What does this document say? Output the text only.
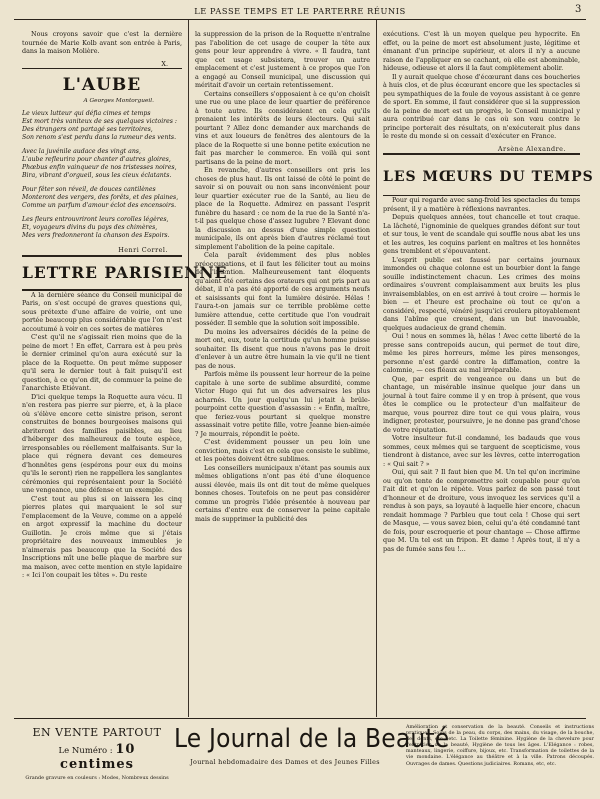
LE PASSE TEMPS ET LE PARTERRE RÉUNIS	3

Nous croyons savoir que c'est la dernière tournée de Marie Kolb avant son entrée à Paris, dans la maison Molière.

X.

L'AUBE
A Georges Montorgueil.

Le vieux lutteur qui défia cimes et temps

Est mort très vaniteux de ses quelques victoires :

Des étrangers ont partagé ses territoires,

Son renom s'est perdu dans la rumeur des vents.

Avec la juvénile audace des vingt ans,

L'aube refleurira pour chanter d'autres gloires,

Phœbus enfin vainqueur de nos tristesses noires,

Bira, vibrant d'orgueil, sous les cieux éclatants.

Pour fêter son réveil, de douces cantilènes

Monteront des vergers, des forêts, et des plaines,

Comme un parfum d'amour éclot des encensoirs.

Les fleurs entrouvriront leurs corolles légères,

Et, voyageurs divins du pays des chimères,

Mes vers fredonneront la chanson des Espoirs.

Henri Correl.

LETTRE PARISIENNE

A la dernière séance du Conseil municipal de Paris, on s'est occupé de graves questions qui, sous prétexte d'une affaire de voirie, ont une portée beaucoup plus considérable que l'on n'est accoutumé à voir en ces sortes de matières

C'est qu'il ne s'agissait rien moins que de la peine de mort ! En effet, Carrara est à peu près le dernier criminel qu'on aura exécuté sur la place de la Roquette. On peut même supposer qu'il sera le dernier tout à fait puisqu'il est question, à ce qu'on dit, de commuer la peine de l'anarchiste Etiévant.

D'ici quelque temps la Roquette aura vécu. Il n'en restera pas pierre sur pierre, et, à la place où s'élève encore cette sinistre prison, seront construites de bonnes bourgeoises maisons qui abriteront des familles paisibles, au lieu d'héberger des malheureux de toute espèce, irresponsables ou réellement malfaisants. Sur la place qui régnera devant ces demeures d'honnêtes gens (espérons pour eux du moins qu'ils le seront) rien ne rappellera les sanglantes cérémonies qui représentaient pour la Société une vengeance, une défense et un exemple.

C'est tout au plus si on laissera les cinq pierres plates qui marquaient le sol sur l'emplacement de la Veuve, comme on a appelé en argot expressif la machine du docteur Guillotin. Je crois même que si j'étais propriétaire des nouveaux immeubles je n'aimerais pas beaucoup que la Société des Inscriptions mît une belle plaque de marbre sur ma maison, avec cette mention en style lapidaire : « Ici l'on coupait les têtes ». Du reste

la suppression de la prison de la Roquette n'entraîne pas l'abolition de cet usage de couper la tête aux gens pour leur apprendre à vivre. « Il faudra, tant que cet usage subsistera, trouver un autre emplacement et c'est justement à ce propos que l'on a engagé au Conseil municipal, une discussion qui méritait d'avoir un certain retentissement.

Certains conseillers s'opposaient à ce qu'on choisît une rue ou une place de leur quartier de préférence à toute autre. Ils considéraient en cela qu'ils prenaient les intérêts de leurs électeurs. Qui sait pourtant ? Allez donc demander aux marchands de vins et aux loueurs de fenêtres des alentours de la place de la Roquette si une bonne petite exécution ne fait pas marcher le commerce. En voilà qui sont partisans de la peine de mort.

En revanche, d'autres conseillers ont pris les choses de plus haut. Ils ont laissé de côté le point de savoir si on pouvait ou non sans inconvénient pour leur quartier exécuter rue de la Santé, au lieu de place de la Roquette. Admirez en passant l'esprit funèbre du hasard : ce nom de la rue de la Santé n'a-t-il pas quelque chose d'assez lugubre ? Elevant donc la discussion au dessus d'une simple question municipale, ils ont après bien d'autres réclamé tout simplement l'abolition de la peine capitale.

Cela paraît évidemment des plus nobles préoccupations, et il faut les féliciter tout au moins de l'intention. Malheureusement tant éloquents qu'aient été certains des orateurs qui ont pris part au débat, il n'a pas été apporté de ces arguments neufs et saisissants qui font la lumière désirée. Hélas ! l'aura-t-on jamais sur ce terrible problème cette lumière attendue, cette certitude que l'on voudrait posséder. Il semble que la solution soit impossible.

Du moins les adversaires décidés de la peine de mort ont, eux, toute la certitude qu'un homme puisse souhaiter. Ils disent que nous n'avons pas le droit d'enlever à un autre être humain la vie qu'il ne tient pas de nous.

Parfois même ils poussent leur horreur de la peine capitale à une sorte de sublime absurdité, comme Victor Hugo qui fut un des adversaires les plus acharnés. Un jour quelqu'un lui jetait à brûle-pourpoint cette question d'assassin : « Enfin, maître, que feriez-vous pourtant si quelque monstre assassinait votre petite fille, votre Jeanne bien-aimée ? Je mourrais, répondit le poète.

C'est évidemment pousser un peu loin une conviction, mais c'est en cela que consiste le sublime, et les poètes doivent être sublimes.

Les conseillers municipaux n'étant pas soumis aux mêmes obligations n'ont pas été d'une éloquence aussi élevée, mais ils ont dit tout de même quelques bonnes choses. Toutefois on ne peut pas considérer comme un progrès l'idée présentée à nouveau par certains d'entre eux de conserver la peine capitale mais de supprimer la publicité des

exécutions. C'est là un moyen quelque peu hypocrite. En effet, ou la peine de mort est absolument juste, légitime et émanant d'un principe supérieur, et alors il n'y a aucune raison de l'appliquer en se cachant, où elle est abominable, hideuse, odieuse et alors il la faut complètement abolir.

Il y aurait quelque chose d'écœurant dans ces boucheries à huis clos, et de plus écœurant encore que les spectacles si peu sympathiques de la foule de voyous assistant à ce genre de sport. En somme, il faut considérer que si la suppression de la peine de mort est un progrès, le Conseil municipal y aura contribué car dans le cas où son vœu contre le principe porterait des résultats, on n'exécuterait plus dans le reste du monde si on cessait d'exécuter en France.

Arsène Alexandre.

LES MŒURS DU TEMPS

Pour qui regarde avec sang-froid les spectacles du temps présent, il y a matière à réflexions navrantes.

Depuis quelques années, tout chancelle et tout craque. La lâcheté, l'ignominie de quelques grandes défont sur tout et sur tous, le vent de scandale qui souffle nous abat les uns et les autres, les coquins parlent en maîtres et les honnêtes gens tremblent et s'épouvantent.

L'esprit public est faussé par certains journaux immondes où chaque colonne est un bourbier dont la fange souille indistinctement chacun. Les crimes des moins ordinaires s'ouvrent complaisamment aux bruits les plus invraisemblables, on en est arrivé à tout croire — hormis le bien — et l'heure est prochaine où tout ce qu'on a considéré, respecté, vénéré jusqu'ici croulera pitoyablement dans l'abîme que creusent, dans un but inavouable, quelques audacieux de grand chemin.

Oui ! nous en sommes là, hélas ! Avec cette liberté de la presse sans contrepoids aucun, qui permet de tout dire, même les pires horreurs, même les pires mensonges, personne n'est gardé contre la diffamation, contre la calomnie, — ces fléaux au mal irréparable.

Que, par esprit de vengeance ou dans un but de chantage, un misérable insinue quelque jour dans un journal à tout faire comme il y en trop à présent, que vous êtes le complice ou le protecteur d'un malfaiteur de marque, vous pourrez dire tout ce qui vous plaira, vous indigner, protester, poursuivre, je ne donne pas grand'chose de votre réputation.

Votre insulteur fut-il condamné, les badauds que vous sommes, ceux mêmes qui se targuent de scepticisme, vous tiendront à distance, avec sur les lèvres, cette interrogation : « Qui sait ? »

Oui, qui sait ? Il faut bien que M. Un tel qu'on incrimine ou qu'on tente de compromettre soit coupable pour qu'on l'ait dit et qu'on le répète. Vous parlez de son passé tout d'honneur et de droiture, vous invoquez les services qu'il a rendus à son pays, sa loyauté à laquelle hier encore, chacun rendait hommage ? Parbleu que tout cela ! Chose qui sert de Masque, — vous savez bien, celui qu'a été condamné tant de fois, pour escroquerie et pour chantage — Chose affirme que M. Un tel est un fripon. Et dame ! Après tout, il n'y a pas de fumée sans feu !...

EN VENTE PARTOUT
Le Numéro : 10 centimes
Grande gravure en couleurs : Modes, Nombreux dessins
Le Journal de la Beauté
Journal hebdomadaire des Dames et des Jeunes Filles
Amélioration et conservation de la beauté. Conseils et instructions pratiques. Soins de la peau, du corps, des mains, du visage, de la bouche, des dents, etc., etc. La Toilette féminine. Hygiène de la chevelure pour l'entretien de la beauté, Hygiène de tous les âges. L'Elégance : robes, manteaux, lingerie, coiffure, bijoux, etc. Transformation de toilettes de la vie mondaine. L'élégance au théâtre et à la ville. Patrons découpés. Ouvrages de dames. Questions judiciaires. Romans, etc, etc.
